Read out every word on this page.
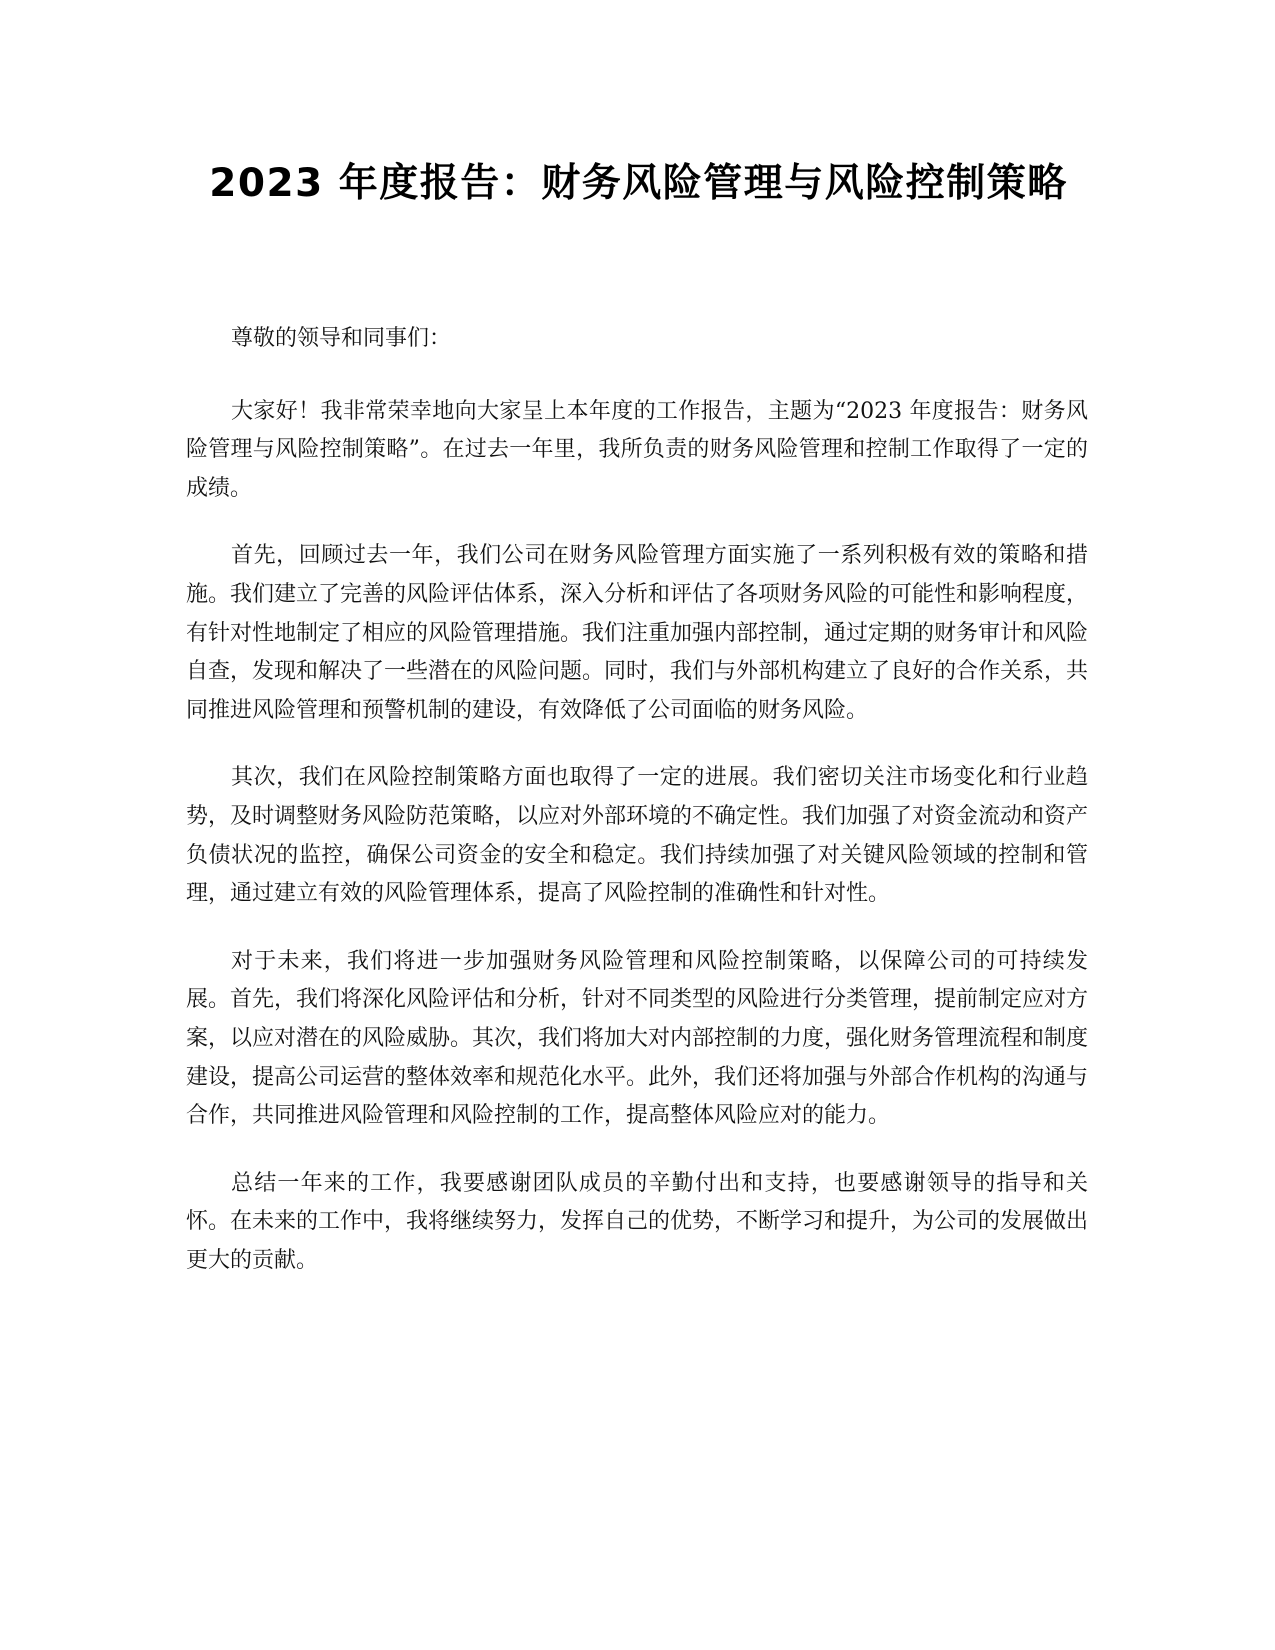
2023 年度报告：财务风险管理与风险控制策略

尊敬的领导和同事们：

大家好！我非常荣幸地向大家呈上本年度的工作报告，主题为“2023 年度报告：财务风险管理与风险控制策略”。在过去一年里，我所负责的财务风险管理和控制工作取得了一定的成绩。

首先，回顾过去一年，我们公司在财务风险管理方面实施了一系列积极有效的策略和措施。我们建立了完善的风险评估体系，深入分析和评估了各项财务风险的可能性和影响程度，有针对性地制定了相应的风险管理措施。我们注重加强内部控制，通过定期的财务审计和风险自查，发现和解决了一些潜在的风险问题。同时，我们与外部机构建立了良好的合作关系，共同推进风险管理和预警机制的建设，有效降低了公司面临的财务风险。

其次，我们在风险控制策略方面也取得了一定的进展。我们密切关注市场变化和行业趋势，及时调整财务风险防范策略，以应对外部环境的不确定性。我们加强了对资金流动和资产负债状况的监控，确保公司资金的安全和稳定。我们持续加强了对关键风险领域的控制和管理，通过建立有效的风险管理体系，提高了风险控制的准确性和针对性。

对于未来，我们将进一步加强财务风险管理和风险控制策略，以保障公司的可持续发展。首先，我们将深化风险评估和分析，针对不同类型的风险进行分类管理，提前制定应对方案，以应对潜在的风险威胁。其次，我们将加大对内部控制的力度，强化财务管理流程和制度建设，提高公司运营的整体效率和规范化水平。此外，我们还将加强与外部合作机构的沟通与合作，共同推进风险管理和风险控制的工作，提高整体风险应对的能力。

总结一年来的工作，我要感谢团队成员的辛勤付出和支持，也要感谢领导的指导和关怀。在未来的工作中，我将继续努力，发挥自己的优势，不断学习和提升，为公司的发展做出更大的贡献。
